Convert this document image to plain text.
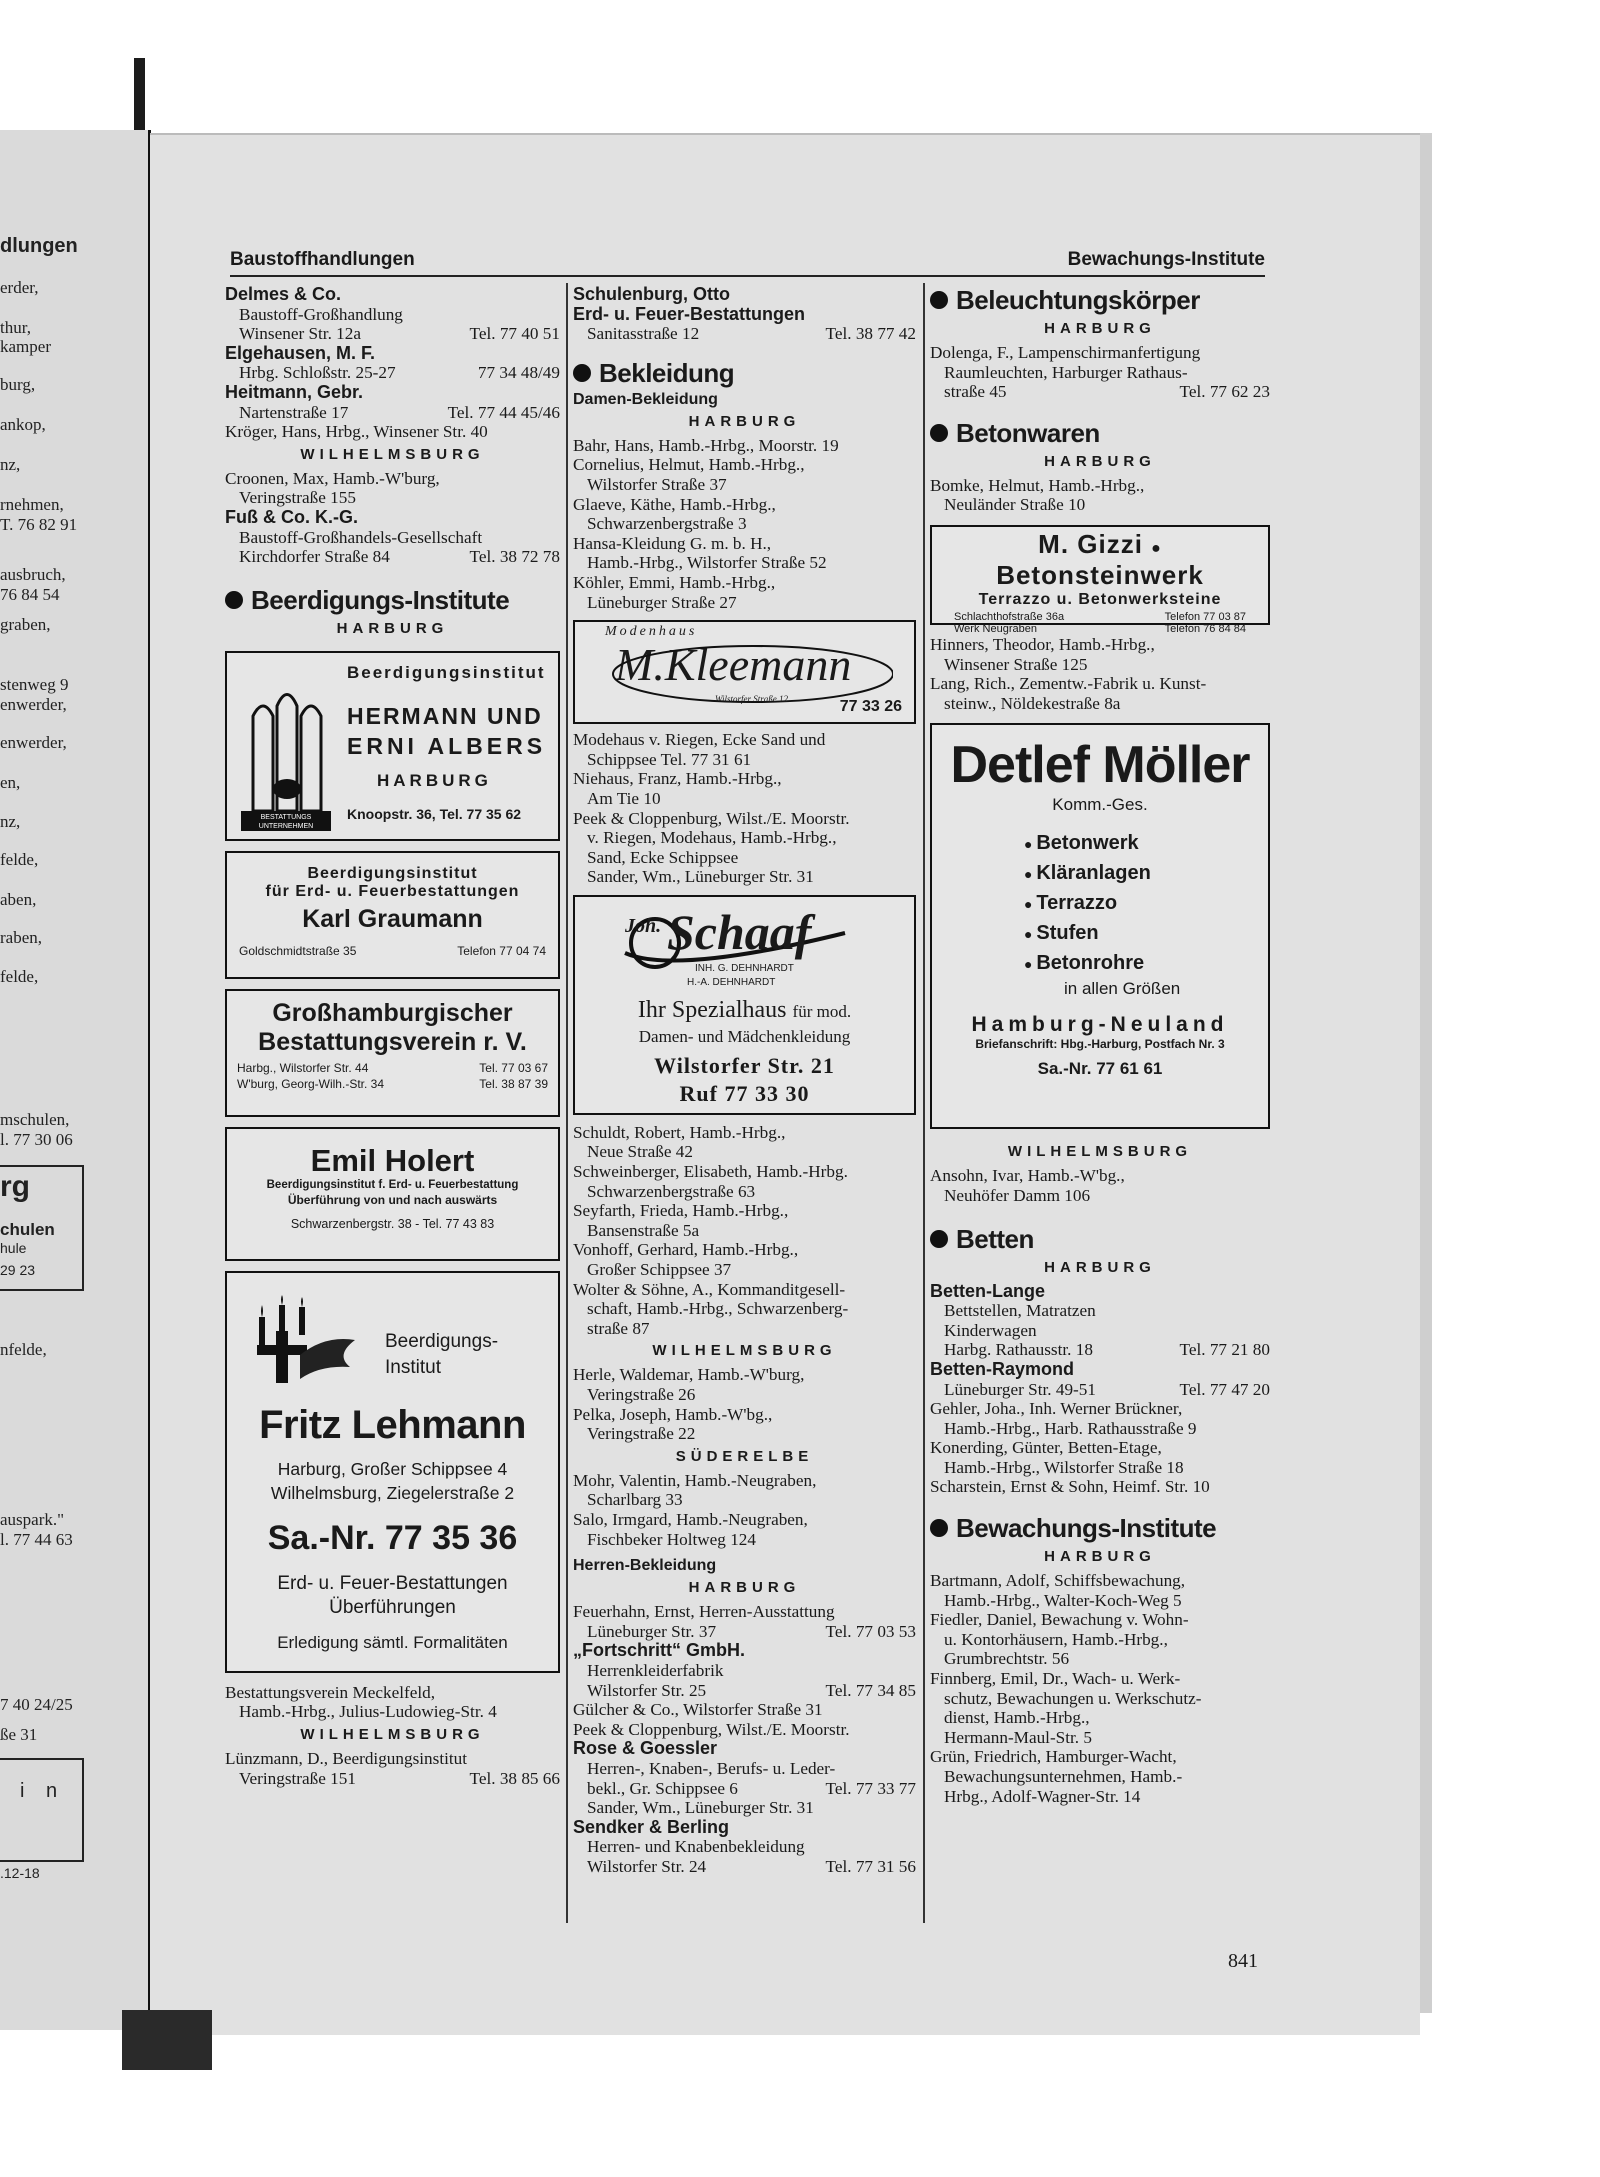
dlungen
erder,
thur,
kamper
burg,
ankop,
nz,
rnehmen,
T. 76 82 91
ausbruch,
76 84 54
graben,
stenweg 9
enwerder,
enwerder,
en,
nz,
felde,
aben,
raben,
felde,
mschulen,
l. 77 30 06
rg
chulen
hule
29 23
nfelde,
auspark."
l. 77 44 63
7 40 24/25
ße 31
i n
.12-18
Baustoffhandlungen	Bewachungs-Institute
Delmes & Co.
Baustoff-Großhandlung
Winsener Str. 12a	Tel. 77 40 51
Elgehausen, M. F.
Hrbg. Schloßstr. 25-27	77 34 48/49
Heitmann, Gebr.
Nartenstraße 17	Tel. 77 44 45/46

Kröger, Hans, Hrbg., Winsener Str. 40

WILHELMSBURG
Croonen, Max, Hamb.-W'burg,
Veringstraße 155
Fuß & Co. K.-G.
Baustoff-Großhandels-Gesellschaft
Kirchdorfer Straße 84	Tel. 38 72 78
Beerdigungs-Institute
HARBURG
BESTATTUNGS
UNTERNEHMEN
Beerdigungsinstitut
HERMANN UND
ERNI ALBERS
HARBURG
Knoopstr. 36, Tel. 77 35 62
Beerdigungsinstitut
für Erd- u. Feuerbestattungen
Karl Graumann
Goldschmidtstraße 35	Telefon 77 04 74
Großhamburgischer
Bestattungsverein r. V.
Harbg., Wilstorfer Str. 44	Tel. 77 03 67
W'burg, Georg-Wilh.-Str. 34	Tel. 38 87 39
Emil Holert
Beerdigungsinstitut f. Erd- u. Feuerbestattung
Überführung von und nach auswärts
Schwarzenbergstr. 38 - Tel. 77 43 83
Beerdigungs-
Institut
Fritz Lehmann
Harburg, Großer Schippsee 4
Wilhelmsburg, Ziegelerstraße 2
Sa.-Nr. 77 35 36
Erd- u. Feuer-Bestattungen
Überführungen
Erledigung sämtl. Formalitäten
Bestattungsverein Meckelfeld,
Hamb.-Hrbg., Julius-Ludowieg-Str. 4
WILHELMSBURG
Lünzmann, D., Beerdigungsinstitut
Veringstraße 151	Tel. 38 85 66
Schulenburg, Otto
Erd- u. Feuer-Bestattungen
Sanitasstraße 12	Tel. 38 77 42
Bekleidung
Damen-Bekleidung
HARBURG

Bahr, Hans, Hamb.-Hrbg., Moorstr. 19

Cornelius, Helmut, Hamb.-Hrbg.,

Wilstorfer Straße 37

Glaeve, Käthe, Hamb.-Hrbg.,

Schwarzenbergstraße 3

Hansa-Kleidung G. m. b. H.,

Hamb.-Hrbg., Wilstorfer Straße 52

Köhler, Emmi, Hamb.-Hrbg.,

Lüneburger Straße 27

Modenhaus
M.Kleemann
Wilstorfer Straße 12	77 33 26

Modehaus v. Riegen, Ecke Sand und

Schippsee Tel. 77 31 61

Niehaus, Franz, Hamb.-Hrbg.,

Am Tie 10

Peek & Cloppenburg, Wilst./E. Moorstr.

v. Riegen, Modehaus, Hamb.-Hrbg.,

Sand, Ecke Schippsee

Sander, Wm., Lüneburger Str. 31

Joh. Schaaf
INH. G. DEHNHARDT
H.-A. DEHNHARDT
Ihr Spezialhaus für mod.
Damen- und Mädchenkleidung
Wilstorfer Str. 21
Ruf 77 33 30

Schuldt, Robert, Hamb.-Hrbg.,

Neue Straße 42

Schweinberger, Elisabeth, Hamb.-Hrbg.

Schwarzenbergstraße 63

Seyfarth, Frieda, Hamb.-Hrbg.,

Bansenstraße 5a

Vonhoff, Gerhard, Hamb.-Hrbg.,

Großer Schippsee 37

Wolter & Söhne, A., Kommanditgesell-

schaft, Hamb.-Hrbg., Schwarzenberg-

straße 87

WILHELMSBURG

Herle, Waldemar, Hamb.-W'burg,

Veringstraße 26

Pelka, Joseph, Hamb.-W'bg.,

Veringstraße 22

SÜDERELBE

Mohr, Valentin, Hamb.-Neugraben,

Scharlbarg 33

Salo, Irmgard, Hamb.-Neugraben,

Fischbeker Holtweg 124

Herren-Bekleidung
HARBURG
Feuerhahn, Ernst, Herren-Ausstattung
Lüneburger Str. 37	Tel. 77 03 53
„Fortschritt“ GmbH.
Herrenkleiderfabrik
Wilstorfer Str. 25	Tel. 77 34 85

Gülcher & Co., Wilstorfer Straße 31

Peek & Cloppenburg, Wilst./E. Moorstr.

Rose & Goessler
Herren-, Knaben-, Berufs- u. Leder-
bekl., Gr. Schippsee 6	Tel. 77 33 77

Sander, Wm., Lüneburger Str. 31

Sendker & Berling
Herren- und Knabenbekleidung
Wilstorfer Str. 24	Tel. 77 31 56
Beleuchtungskörper
HARBURG
Dolenga, F., Lampenschirmanfertigung
Raumleuchten, Harburger Rathaus-
straße 45	Tel. 77 62 23
Betonwaren
HARBURG
Bomke, Helmut, Hamb.-Hrbg.,
Neuländer Straße 10
M. Gizzi ● Betonsteinwerk
Terrazzo u. Betonwerksteine
Schlachthofstraße 36a	Telefon 77 03 87
Werk Neugraben	Telefon 76 84 84
Hinners, Theodor, Hamb.-Hrbg.,
Winsener Straße 125
Lang, Rich., Zementw.-Fabrik u. Kunst-
steinw., Nöldekestraße 8a
Detlef Möller
Komm.-Ges.
● Betonwerk
● Kläranlagen
● Terrazzo
● Stufen
● Betonrohre
in allen Größen
Hamburg-Neuland
Briefanschrift: Hbg.-Harburg, Postfach Nr. 3
Sa.-Nr. 77 61 61
WILHELMSBURG
Ansohn, Ivar, Hamb.-W'bg.,
Neuhöfer Damm 106
Betten
HARBURG
Betten-Lange
Bettstellen, Matratzen
Kinderwagen
Harbg. Rathausstr. 18	Tel. 77 21 80
Betten-Raymond
Lüneburger Str. 49-51	Tel. 77 47 20

Gehler, Joha., Inh. Werner Brückner,

Hamb.-Hrbg., Harb. Rathausstraße 9

Konerding, Günter, Betten-Etage,

Hamb.-Hrbg., Wilstorfer Straße 18

Scharstein, Ernst & Sohn, Heimf. Str. 10

Bewachungs-Institute
HARBURG

Bartmann, Adolf, Schiffsbewachung,

Hamb.-Hrbg., Walter-Koch-Weg 5

Fiedler, Daniel, Bewachung v. Wohn-

u. Kontorhäusern, Hamb.-Hrbg.,

Grumbrechtstr. 56

Finnberg, Emil, Dr., Wach- u. Werk-

schutz, Bewachungen u. Werkschutz-

dienst, Hamb.-Hrbg.,

Hermann-Maul-Str. 5

Grün, Friedrich, Hamburger-Wacht,

Bewachungsunternehmen, Hamb.-

Hrbg., Adolf-Wagner-Str. 14

841
